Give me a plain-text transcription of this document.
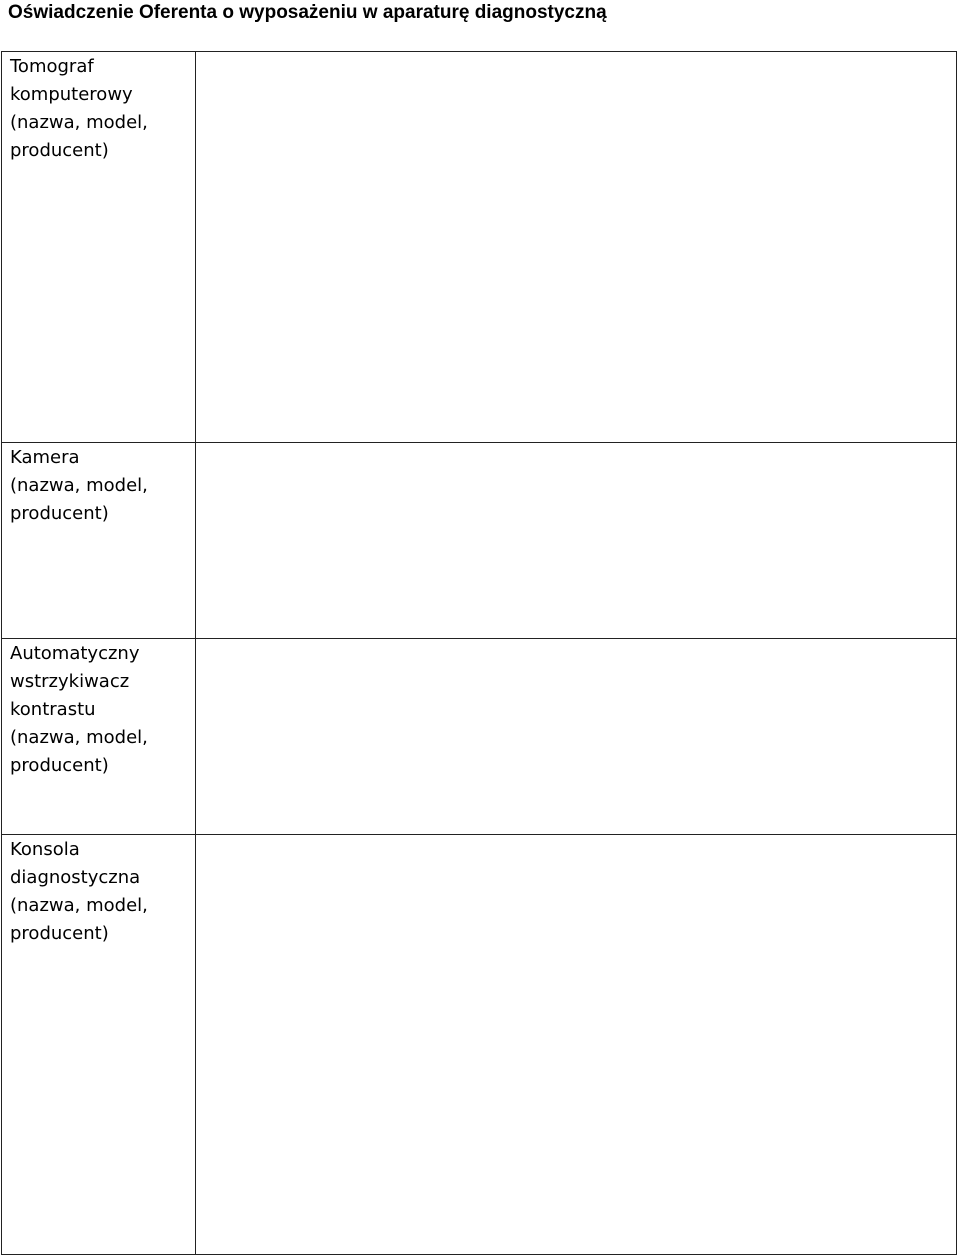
Oświadczenie Oferenta o wyposażeniu w aparaturę diagnostyczną
Tomograf
komputerowy
(nazwa, model,
producent)	

Kamera
(nazwa, model,
producent)	

Automatyczny
wstrzykiwacz
kontrastu
(nazwa, model,
producent)	

Konsola
diagnostyczna
(nazwa, model,
producent)	
